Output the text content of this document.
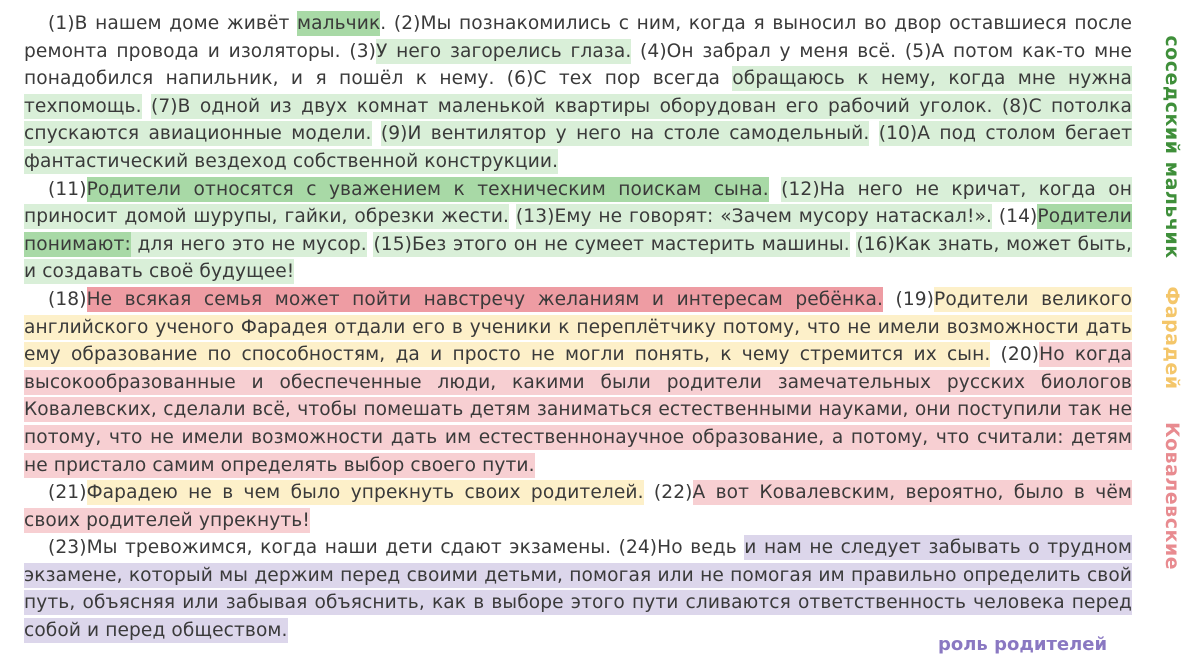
(1)В нашем доме живёт мальчик. (2)Мы познакомились с ним, когда я выносил во двор оставшиеся после ремонта провода и изоляторы. (3)У него загорелись глаза. (4)Он забрал у меня всё. (5)А потом как-то мне понадобился напильник, и я пошёл к нему. (6)С тех пор всегда обращаюсь к нему, когда мне нужна техпомощь. (7)В одной из двух комнат маленькой квартиры оборудован его рабочий уголок. (8)С потолка спускаются авиационные модели. (9)И вентилятор у него на столе самодельный. (10)А под столом бегает фантастический вездеход собственной конструкции.

(11)Родители относятся с уважением к техническим поискам сына. (12)На него не кричат, когда он приносит домой шурупы, гайки, обрезки жести. (13)Ему не говорят: «Зачем мусору натаскал!». (14)Родители понимают: для него это не мусор. (15)Без этого он не сумеет мастерить машины. (16)Как знать, может быть, и создавать своё будущее!

(18)Не всякая семья может пойти навстречу желаниям и интересам ребёнка. (19)Родители великого английского ученого Фарадея отдали его в ученики к переплётчику потому, что не имели возможности дать ему образование по способностям, да и просто не могли понять, к чему стремится их сын. (20)Но когда высокообразованные и обеспеченные люди, какими были родители замечательных русских биологов Ковалевских, сделали всё, чтобы помешать детям заниматься естественными науками, они поступили так не потому, что не имели возможности дать им естественнонаучное образование, а потому, что считали: детям не пристало самим определять выбор своего пути.

(21)Фарадею не в чем было упрекнуть своих родителей. (22)А вот Ковалевским, вероятно, было в чём своих родителей упрекнуть!

(23)Мы тревожимся, когда наши дети сдают экзамены. (24)Но ведь и нам не следует забывать о трудном экзамене, который мы держим перед своими детьми, помогая или не помогая им правильно определить свой путь, объясняя или забывая объяснить, как в выборе этого пути сливаются ответственность человека перед собой и перед обществом.

соседский мальчик
Фарадей
Ковалевские
роль родителей
